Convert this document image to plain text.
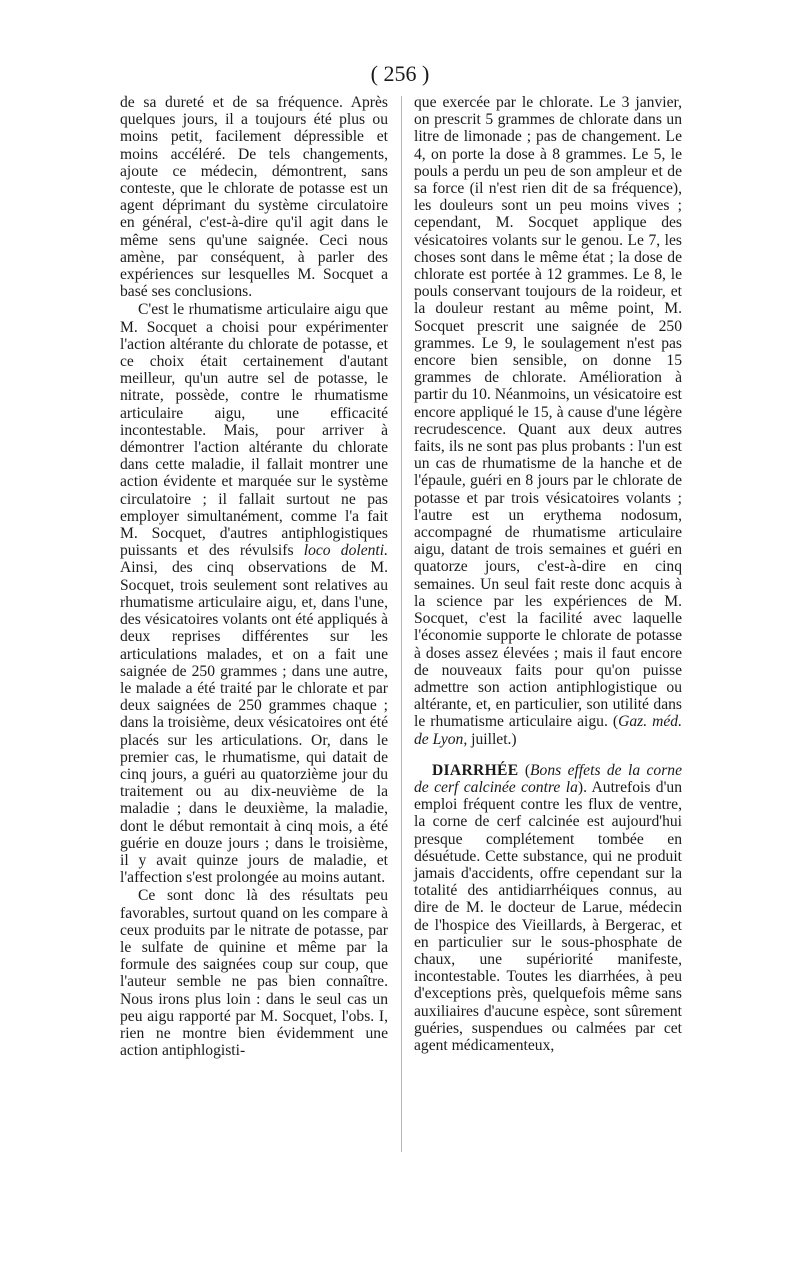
( 256 )

de sa dureté et de sa fréquence. Après quelques jours, il a toujours été plus ou moins petit, facilement dépressible et moins accéléré. De tels changements, ajoute ce médecin, démontrent, sans conteste, que le chlorate de potasse est un agent déprimant du système circulatoire en général, c'est-à-dire qu'il agit dans le même sens qu'une saignée. Ceci nous amène, par conséquent, à parler des expériences sur lesquelles M. Socquet a basé ses conclusions.

C'est le rhumatisme articulaire aigu que M. Socquet a choisi pour expérimenter l'action altérante du chlorate de potasse, et ce choix était certainement d'autant meilleur, qu'un autre sel de potasse, le nitrate, possède, contre le rhumatisme articulaire aigu, une efficacité incontestable. Mais, pour arriver à démontrer l'action altérante du chlorate dans cette maladie, il fallait montrer une action évidente et marquée sur le système circulatoire ; il fallait surtout ne pas employer simultanément, comme l'a fait M. Socquet, d'autres antiphlogistiques puissants et des révulsifs loco dolenti. Ainsi, des cinq observations de M. Socquet, trois seulement sont relatives au rhumatisme articulaire aigu, et, dans l'une, des vésicatoires volants ont été appliqués à deux reprises différentes sur les articulations malades, et on a fait une saignée de 250 grammes ; dans une autre, le malade a été traité par le chlorate et par deux saignées de 250 grammes chaque ; dans la troisième, deux vésicatoires ont été placés sur les articulations. Or, dans le premier cas, le rhumatisme, qui datait de cinq jours, a guéri au quatorzième jour du traitement ou au dix-neuvième de la maladie ; dans le deuxième, la maladie, dont le début remontait à cinq mois, a été guérie en douze jours ; dans le troisième, il y avait quinze jours de maladie, et l'affection s'est prolongée au moins autant.

Ce sont donc là des résultats peu favorables, surtout quand on les compare à ceux produits par le nitrate de potasse, par le sulfate de quinine et même par la formule des saignées coup sur coup, que l'auteur semble ne pas bien connaître. Nous irons plus loin : dans le seul cas un peu aigu rapporté par M. Socquet, l'obs. I, rien ne montre bien évidemment une action antiphlogisti-

que exercée par le chlorate. Le 3 janvier, on prescrit 5 grammes de chlorate dans un litre de limonade ; pas de changement. Le 4, on porte la dose à 8 grammes. Le 5, le pouls a perdu un peu de son ampleur et de sa force (il n'est rien dit de sa fréquence), les douleurs sont un peu moins vives ; cependant, M. Socquet applique des vésicatoires volants sur le genou. Le 7, les choses sont dans le même état ; la dose de chlorate est portée à 12 grammes. Le 8, le pouls conservant toujours de la roideur, et la douleur restant au même point, M. Socquet prescrit une saignée de 250 grammes. Le 9, le soulagement n'est pas encore bien sensible, on donne 15 grammes de chlorate. Amélioration à partir du 10. Néanmoins, un vésicatoire est encore appliqué le 15, à cause d'une légère recrudescence. Quant aux deux autres faits, ils ne sont pas plus probants : l'un est un cas de rhumatisme de la hanche et de l'épaule, guéri en 8 jours par le chlorate de potasse et par trois vésicatoires volants ; l'autre est un erythema nodosum, accompagné de rhumatisme articulaire aigu, datant de trois semaines et guéri en quatorze jours, c'est-à-dire en cinq semaines. Un seul fait reste donc acquis à la science par les expériences de M. Socquet, c'est la facilité avec laquelle l'économie supporte le chlorate de potasse à doses assez élevées ; mais il faut encore de nouveaux faits pour qu'on puisse admettre son action antiphlogistique ou altérante, et, en particulier, son utilité dans le rhumatisme articulaire aigu. (Gaz. méd. de Lyon, juillet.)

DIARRHÉE (Bons effets de la corne de cerf calcinée contre la). Autrefois d'un emploi fréquent contre les flux de ventre, la corne de cerf calcinée est aujourd'hui presque complétement tombée en désuétude. Cette substance, qui ne produit jamais d'accidents, offre cependant sur la totalité des antidiarrhéiques connus, au dire de M. le docteur de Larue, médecin de l'hospice des Vieillards, à Bergerac, et en particulier sur le sous-phosphate de chaux, une supériorité manifeste, incontestable. Toutes les diarrhées, à peu d'exceptions près, quelquefois même sans auxiliaires d'aucune espèce, sont sûrement guéries, suspendues ou calmées par cet agent médicamenteux,
